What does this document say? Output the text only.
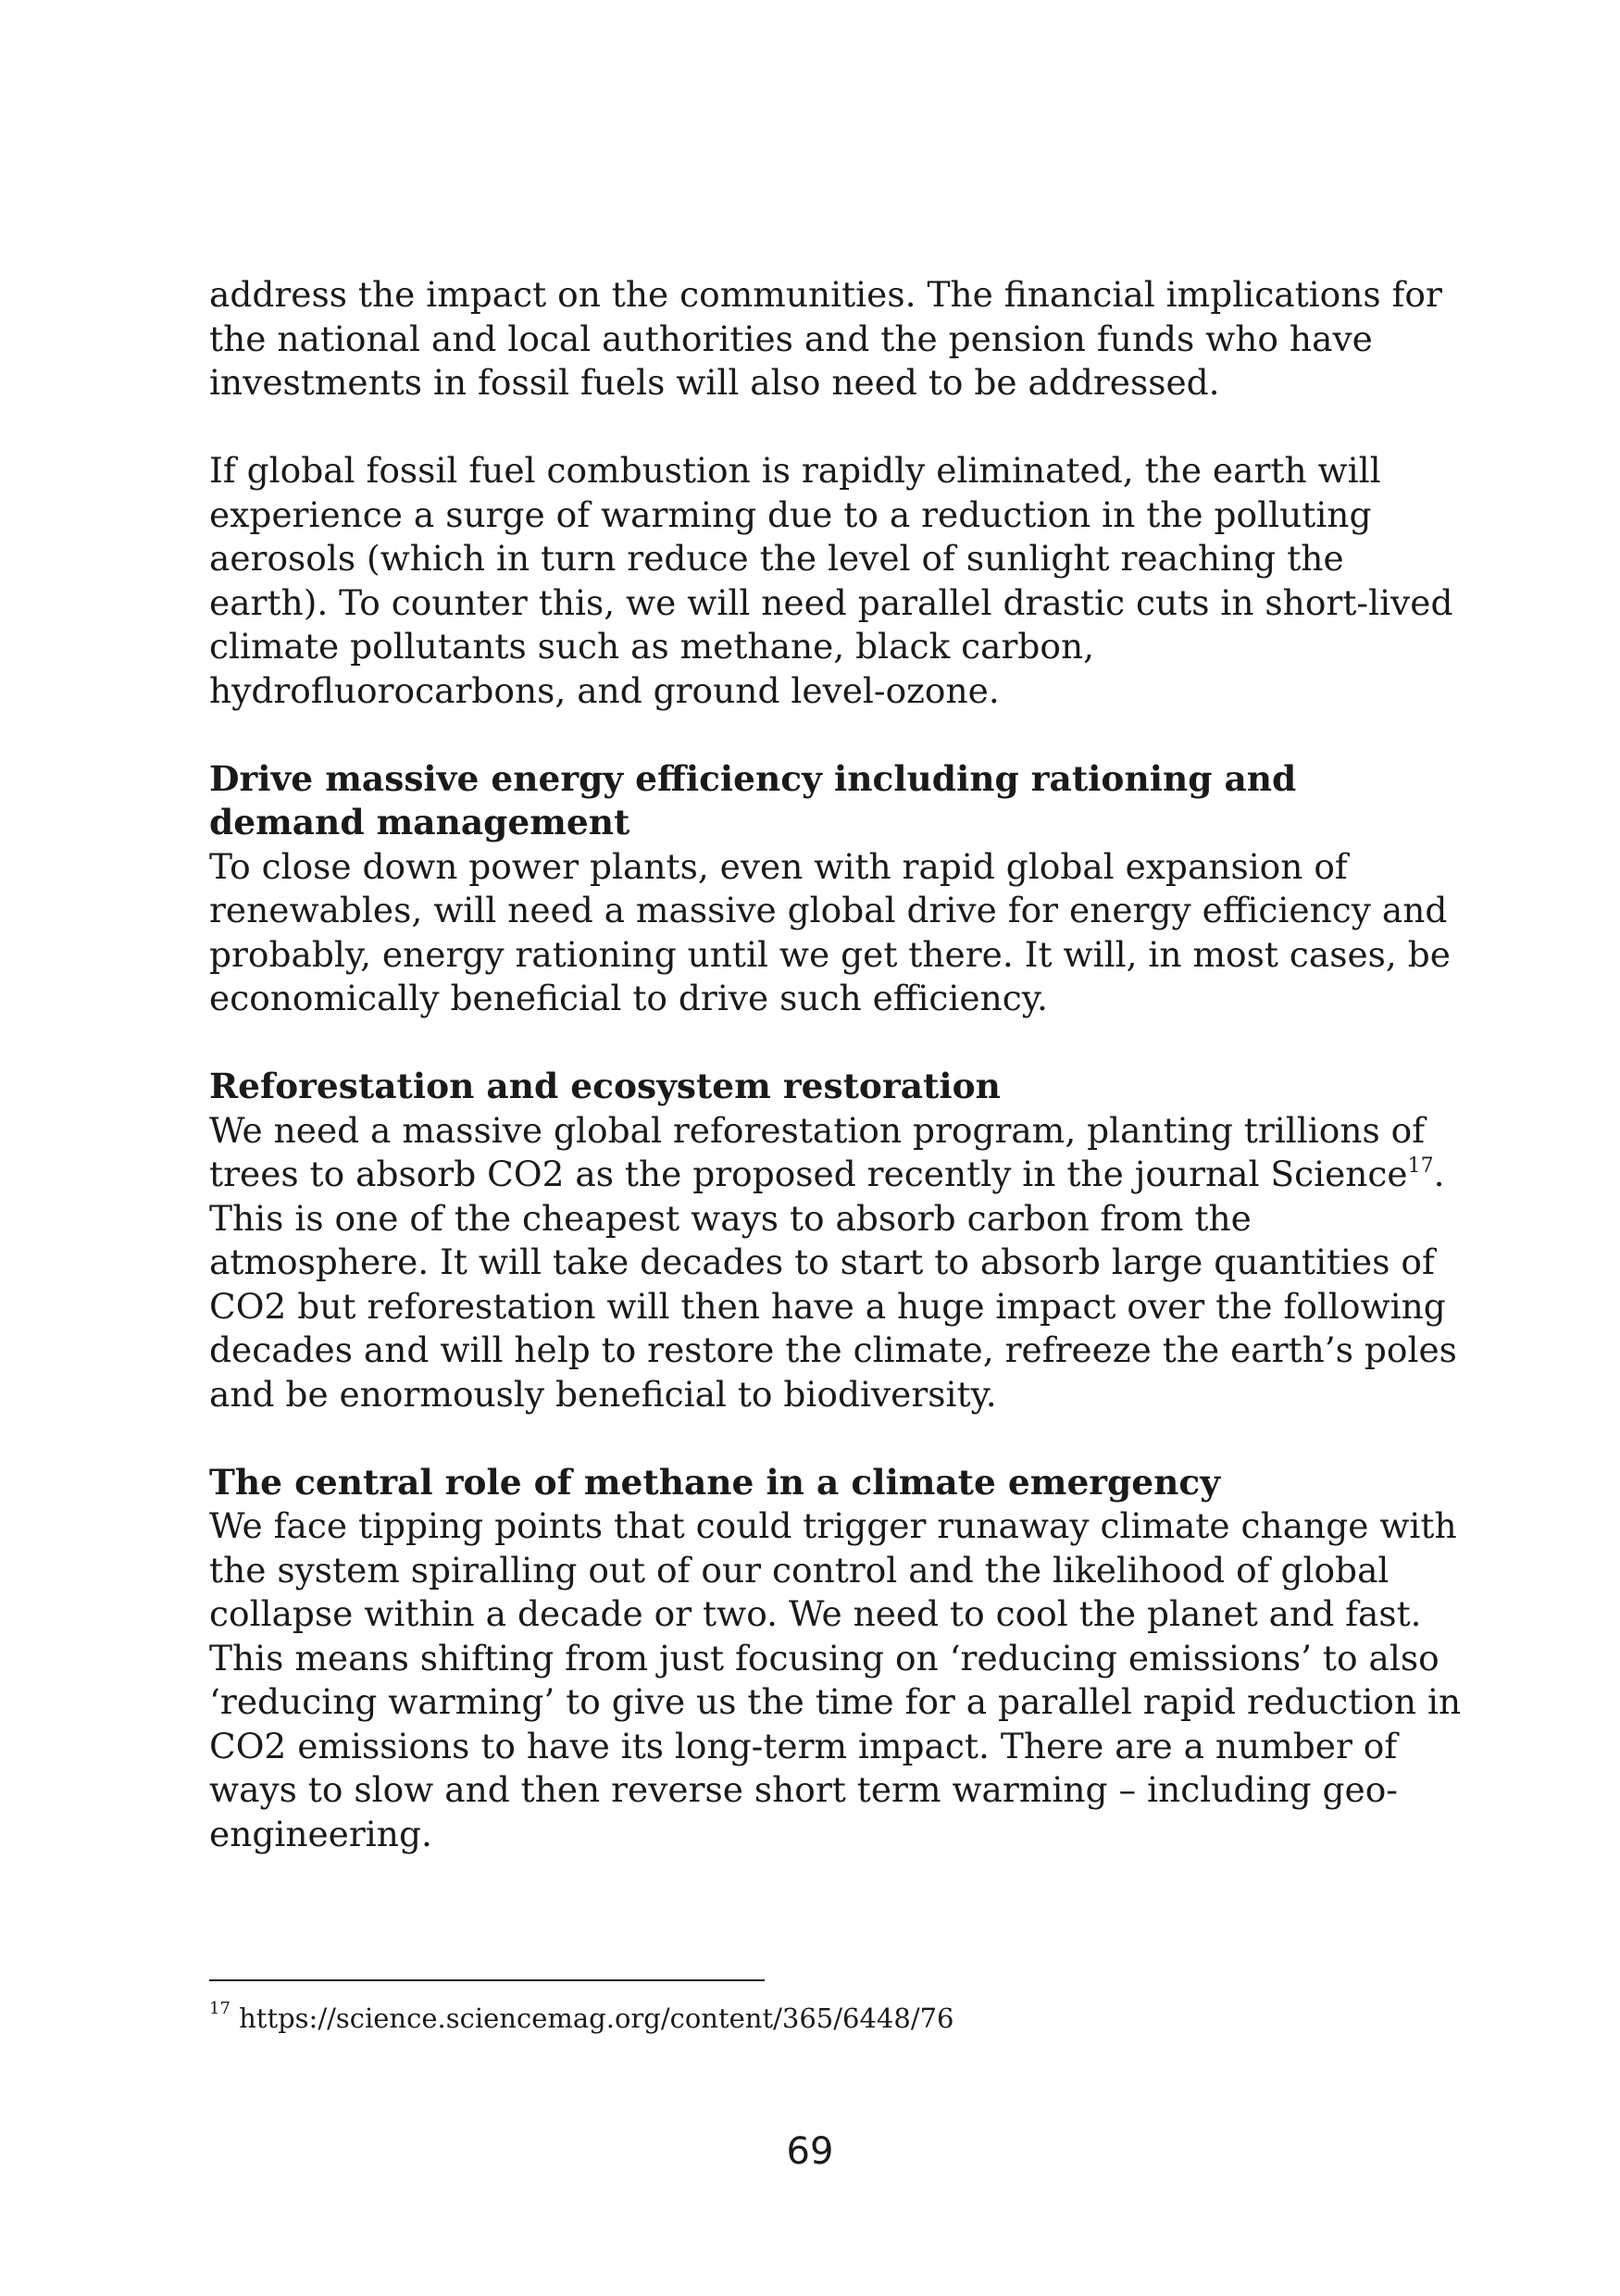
address the impact on the communities. The financial implications for
the national and local authorities and the pension funds who have
investments in fossil fuels will also need to be addressed.

If global fossil fuel combustion is rapidly eliminated, the earth will
experience a surge of warming due to a reduction in the polluting
aerosols (which in turn reduce the level of sunlight reaching the
earth). To counter this, we will need parallel drastic cuts in short-lived
climate pollutants such as methane, black carbon,
hydrofluorocarbons, and ground level-ozone.

Drive massive energy efficiency including rationing and
demand management

To close down power plants, even with rapid global expansion of
renewables, will need a massive global drive for energy efficiency and
probably, energy rationing until we get there. It will, in most cases, be
economically beneficial to drive such efficiency.

Reforestation and ecosystem restoration

We need a massive global reforestation program, planting trillions of
trees to absorb CO2 as the proposed recently in the journal Science$^{17}$.
This is one of the cheapest ways to absorb carbon from the
atmosphere. It will take decades to start to absorb large quantities of
CO2 but reforestation will then have a huge impact over the following
decades and will help to restore the climate, refreeze the earth’s poles
and be enormously beneficial to biodiversity.

The central role of methane in a climate emergency

We face tipping points that could trigger runaway climate change with
the system spiralling out of our control and the likelihood of global
collapse within a decade or two. We need to cool the planet and fast.
This means shifting from just focusing on ‘reducing emissions’ to also
‘reducing warming’ to give us the time for a parallel rapid reduction in
CO2 emissions to have its long-term impact. There are a number of
ways to slow and then reverse short term warming – including geo-
engineering.

$^{17}$ https://science.sciencemag.org/content/365/6448/76
69
